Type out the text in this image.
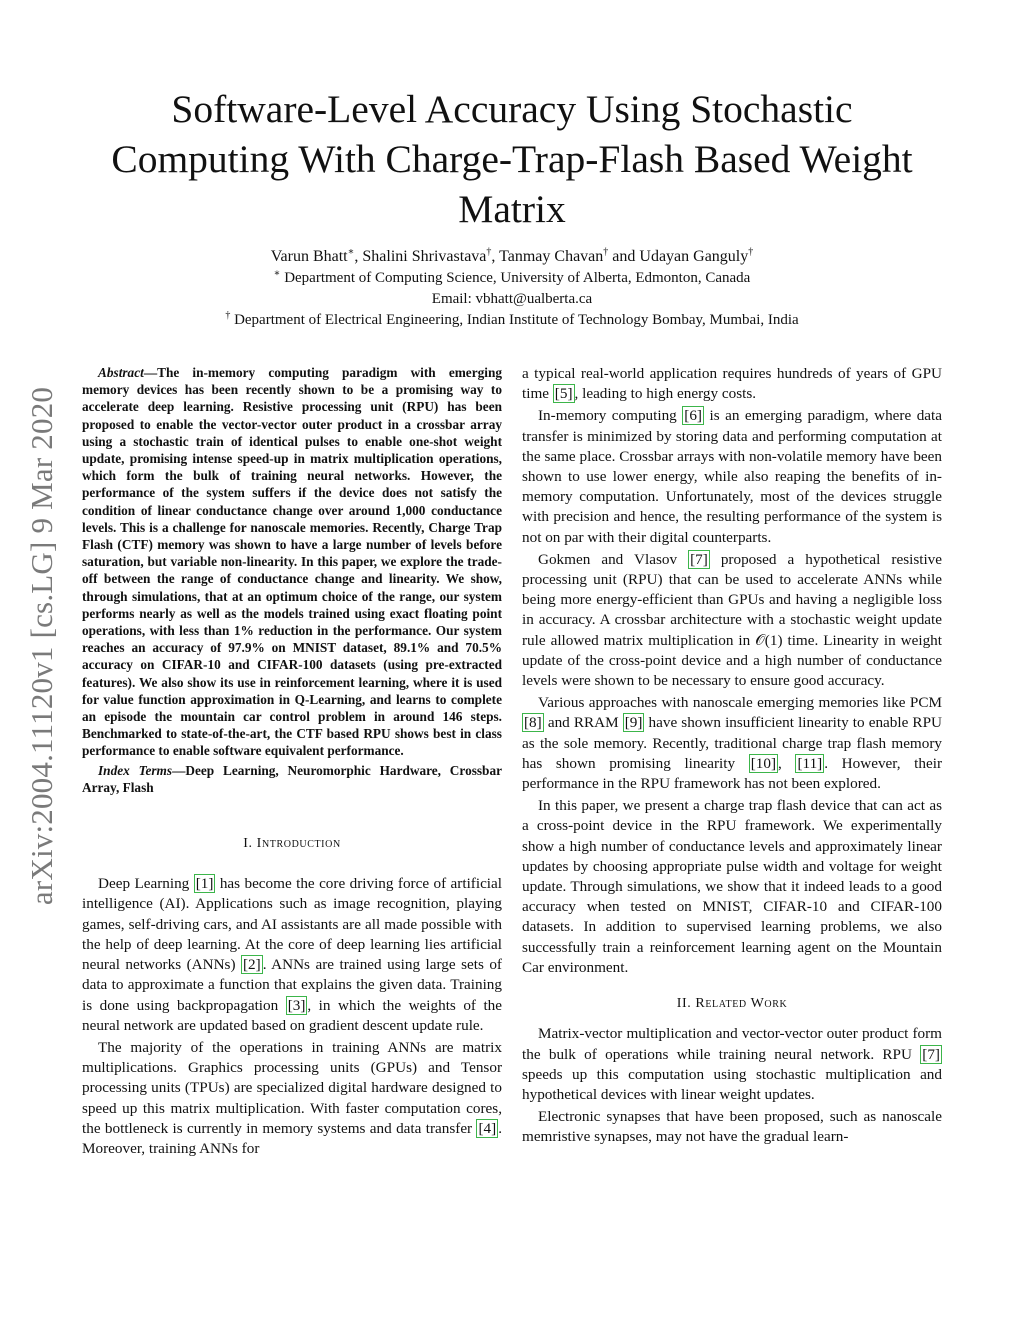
arXiv:2004.11120v1 [cs.LG] 9 Mar 2020
Software-Level Accuracy Using Stochastic
Computing With Charge-Trap-Flash Based Weight
Matrix
Varun Bhatt∗, Shalini Shrivastava†, Tanmay Chavan† and Udayan Ganguly†
∗ Department of Computing Science, University of Alberta, Edmonton, Canada
Email: vbhatt@ualberta.ca
† Department of Electrical Engineering, Indian Institute of Technology Bombay, Mumbai, India

Abstract—The in-memory computing paradigm with emerging memory devices has been recently shown to be a promising way to accelerate deep learning. Resistive processing unit (RPU) has been proposed to enable the vector-vector outer product in a crossbar array using a stochastic train of identical pulses to enable one-shot weight update, promising intense speed-up in matrix multiplication operations, which form the bulk of training neural networks. However, the performance of the system suffers if the device does not satisfy the condition of linear conductance change over around 1,000 conductance levels. This is a challenge for nanoscale memories. Recently, Charge Trap Flash (CTF) memory was shown to have a large number of levels before saturation, but variable non-linearity. In this paper, we explore the trade-off between the range of conductance change and linearity. We show, through simulations, that at an optimum choice of the range, our system performs nearly as well as the models trained using exact floating point operations, with less than 1% reduction in the performance. Our system reaches an accuracy of 97.9% on MNIST dataset, 89.1% and 70.5% accuracy on CIFAR-10 and CIFAR-100 datasets (using pre-extracted features). We also show its use in reinforcement learning, where it is used for value function approximation in Q-Learning, and learns to complete an episode the mountain car control problem in around 146 steps. Benchmarked to state-of-the-art, the CTF based RPU shows best in class performance to enable software equivalent performance.

Index Terms—Deep Learning, Neuromorphic Hardware, Crossbar Array, Flash

I. Introduction

Deep Learning [1] has become the core driving force of artificial intelligence (AI). Applications such as image recognition, playing games, self-driving cars, and AI assistants are all made possible with the help of deep learning. At the core of deep learning lies artificial neural networks (ANNs) [2] . ANNs are trained using large sets of data to approximate a function that explains the given data. Training is done using backpropagation [3] , in which the weights of the neural network are updated based on gradient descent update rule.

The majority of the operations in training ANNs are matrix multiplications. Graphics processing units (GPUs) and Tensor processing units (TPUs) are specialized digital hardware designed to speed up this matrix multiplication. With faster computation cores, the bottleneck is currently in memory systems and data transfer [4] . Moreover, training ANNs for

a typical real-world application requires hundreds of years of GPU time [5] , leading to high energy costs.

In-memory computing [6] is an emerging paradigm, where data transfer is minimized by storing data and performing computation at the same place. Crossbar arrays with non-volatile memory have been shown to use lower energy, while also reaping the benefits of in-memory computation. Unfortunately, most of the devices struggle with precision and hence, the resulting performance of the system is not on par with their digital counterparts.

Gokmen and Vlasov [7] proposed a hypothetical resistive processing unit (RPU) that can be used to accelerate ANNs while being more energy-efficient than GPUs and having a negligible loss in accuracy. A crossbar architecture with a stochastic weight update rule allowed matrix multiplication in 𝒪(1) time. Linearity in weight update of the cross-point device and a high number of conductance levels were shown to be necessary to ensure good accuracy.

Various approaches with nanoscale emerging memories like PCM [8] and RRAM [9] have shown insufficient linearity to enable RPU as the sole memory. Recently, traditional charge trap flash memory has shown promising linearity [10] , [11] . However, their performance in the RPU framework has not been explored.

In this paper, we present a charge trap flash device that can act as a cross-point device in the RPU framework. We experimentally show a high number of conductance levels and approximately linear updates by choosing appropriate pulse width and voltage for weight update. Through simulations, we show that it indeed leads to a good accuracy when tested on MNIST, CIFAR-10 and CIFAR-100 datasets. In addition to supervised learning problems, we also successfully train a reinforcement learning agent on the Mountain Car environment.

II. Related Work

Matrix-vector multiplication and vector-vector outer product form the bulk of operations while training neural network. RPU [7] speeds up this computation using stochastic multiplication and hypothetical devices with linear weight updates.

Electronic synapses that have been proposed, such as nanoscale memristive synapses, may not have the gradual learn-
